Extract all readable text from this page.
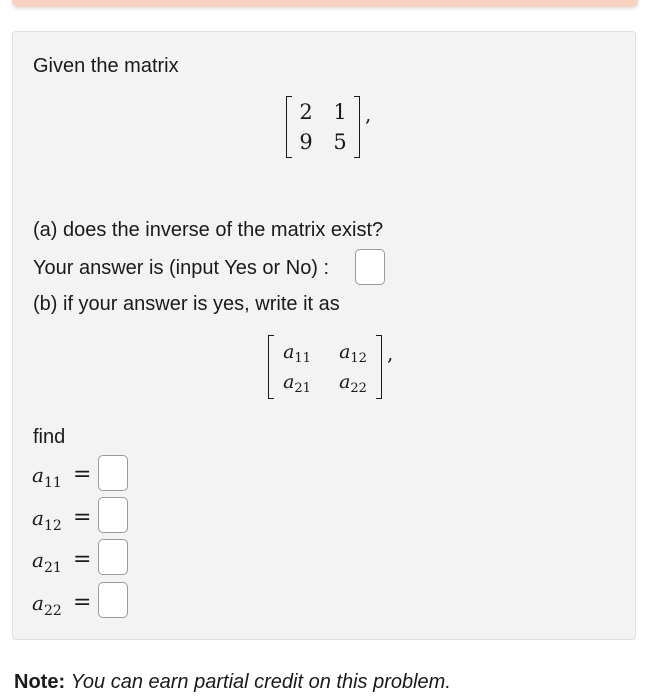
Given the matrix
2 1
9 5
,
(a) does the inverse of the matrix exist?
Your answer is (input Yes or No) :
(b) if your answer is yes, write it as
$a_{11}$	$a_{12}$
$a_{21}$	$a_{22}$
,
find
$a_{11}$ =
$a_{12}$ =
$a_{21}$ =
$a_{22}$ =
Note: You can earn partial credit on this problem.
